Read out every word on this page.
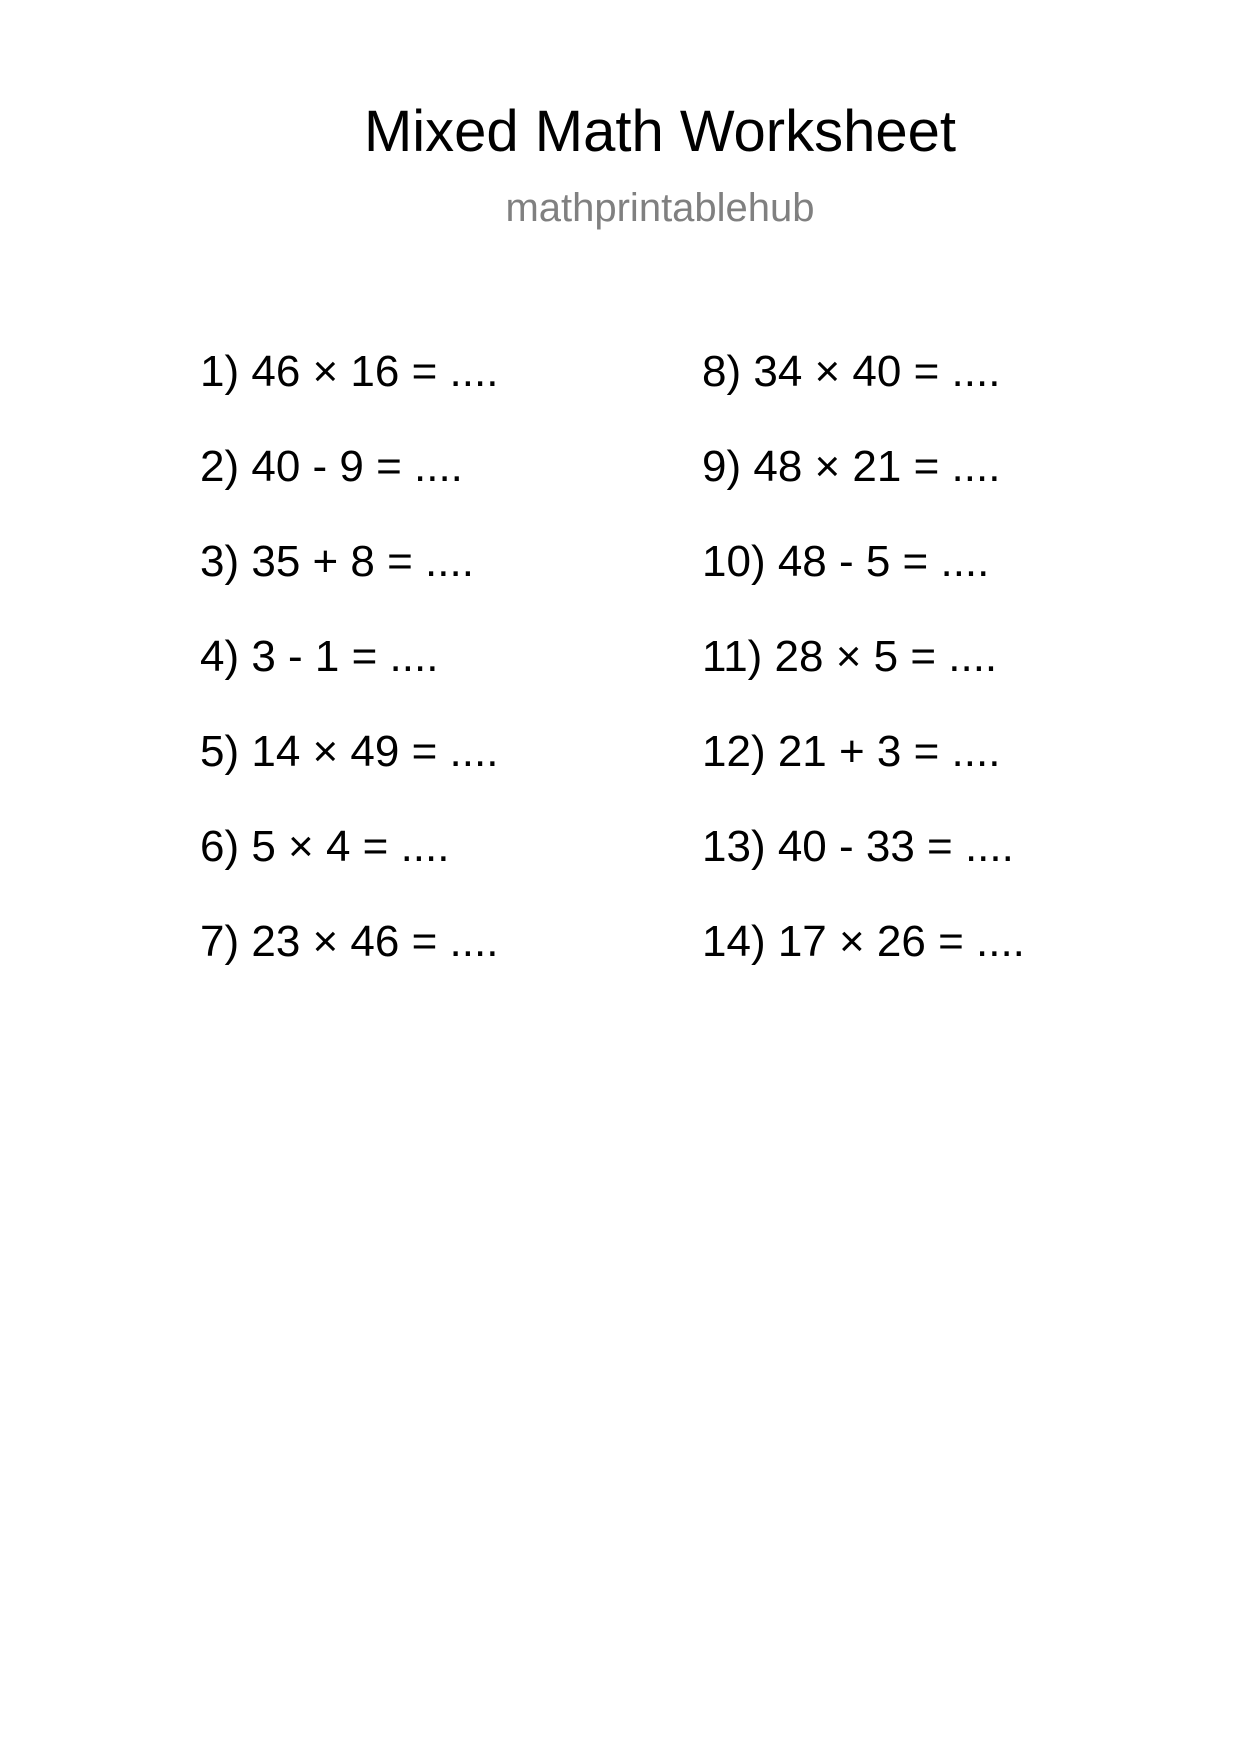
Mixed Math Worksheet
mathprintablehub
1) 46 × 16 = ....
2) 40 - 9 = ....
3) 35 + 8 = ....
4) 3 - 1 = ....
5) 14 × 49 = ....
6) 5 × 4 = ....
7) 23 × 46 = ....
8) 34 × 40 = ....
9) 48 × 21 = ....
10) 48 - 5 = ....
11) 28 × 5 = ....
12) 21 + 3 = ....
13) 40 - 33 = ....
14) 17 × 26 = ....
